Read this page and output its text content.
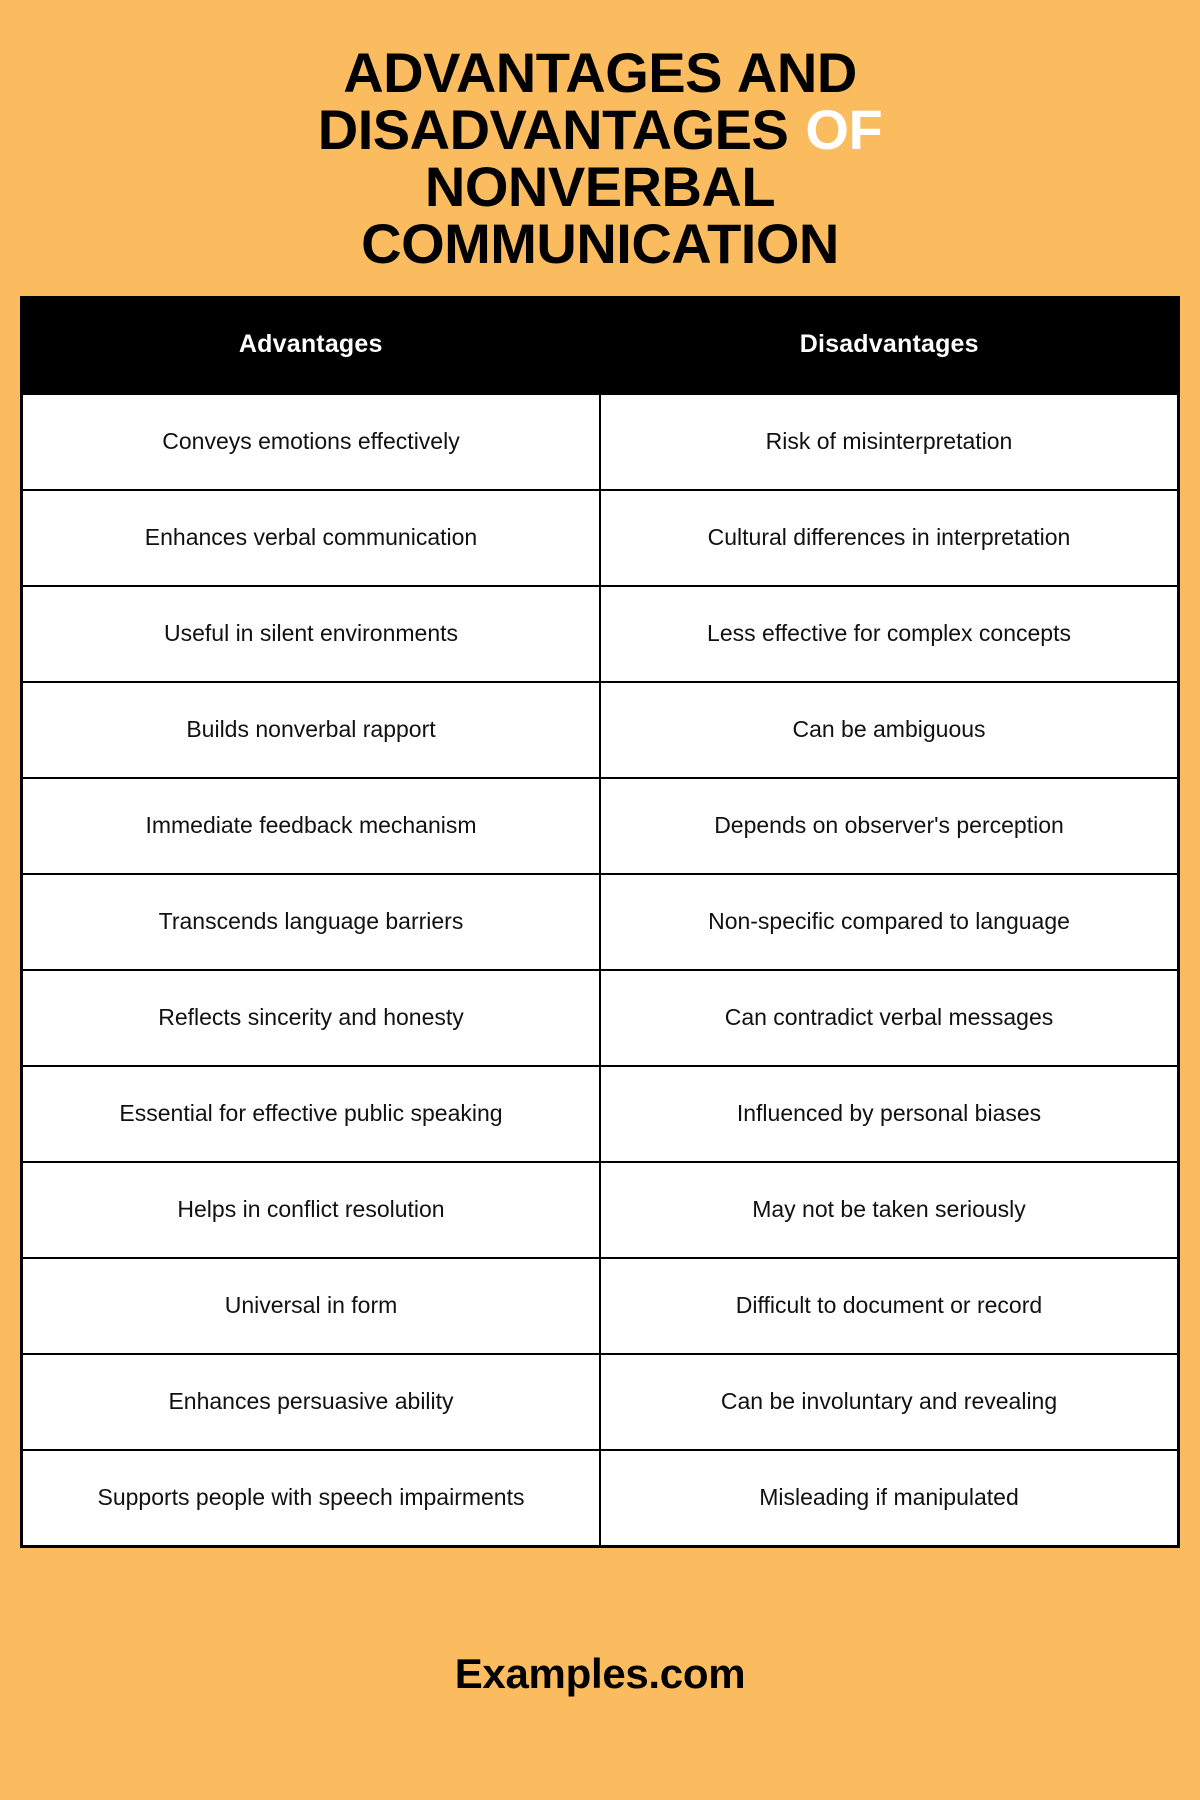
ADVANTAGES AND
DISADVANTAGES OF
NONVERBAL
COMMUNICATION
Advantages	Disadvantages
Conveys emotions effectively	Risk of misinterpretation
Enhances verbal communication	Cultural differences in interpretation
Useful in silent environments	Less effective for complex concepts
Builds nonverbal rapport	Can be ambiguous
Immediate feedback mechanism	Depends on observer's perception
Transcends language barriers	Non-specific compared to language
Reflects sincerity and honesty	Can contradict verbal messages
Essential for effective public speaking	Influenced by personal biases
Helps in conflict resolution	May not be taken seriously
Universal in form	Difficult to document or record
Enhances persuasive ability	Can be involuntary and revealing
Supports people with speech impairments	Misleading if manipulated
Examples.com
